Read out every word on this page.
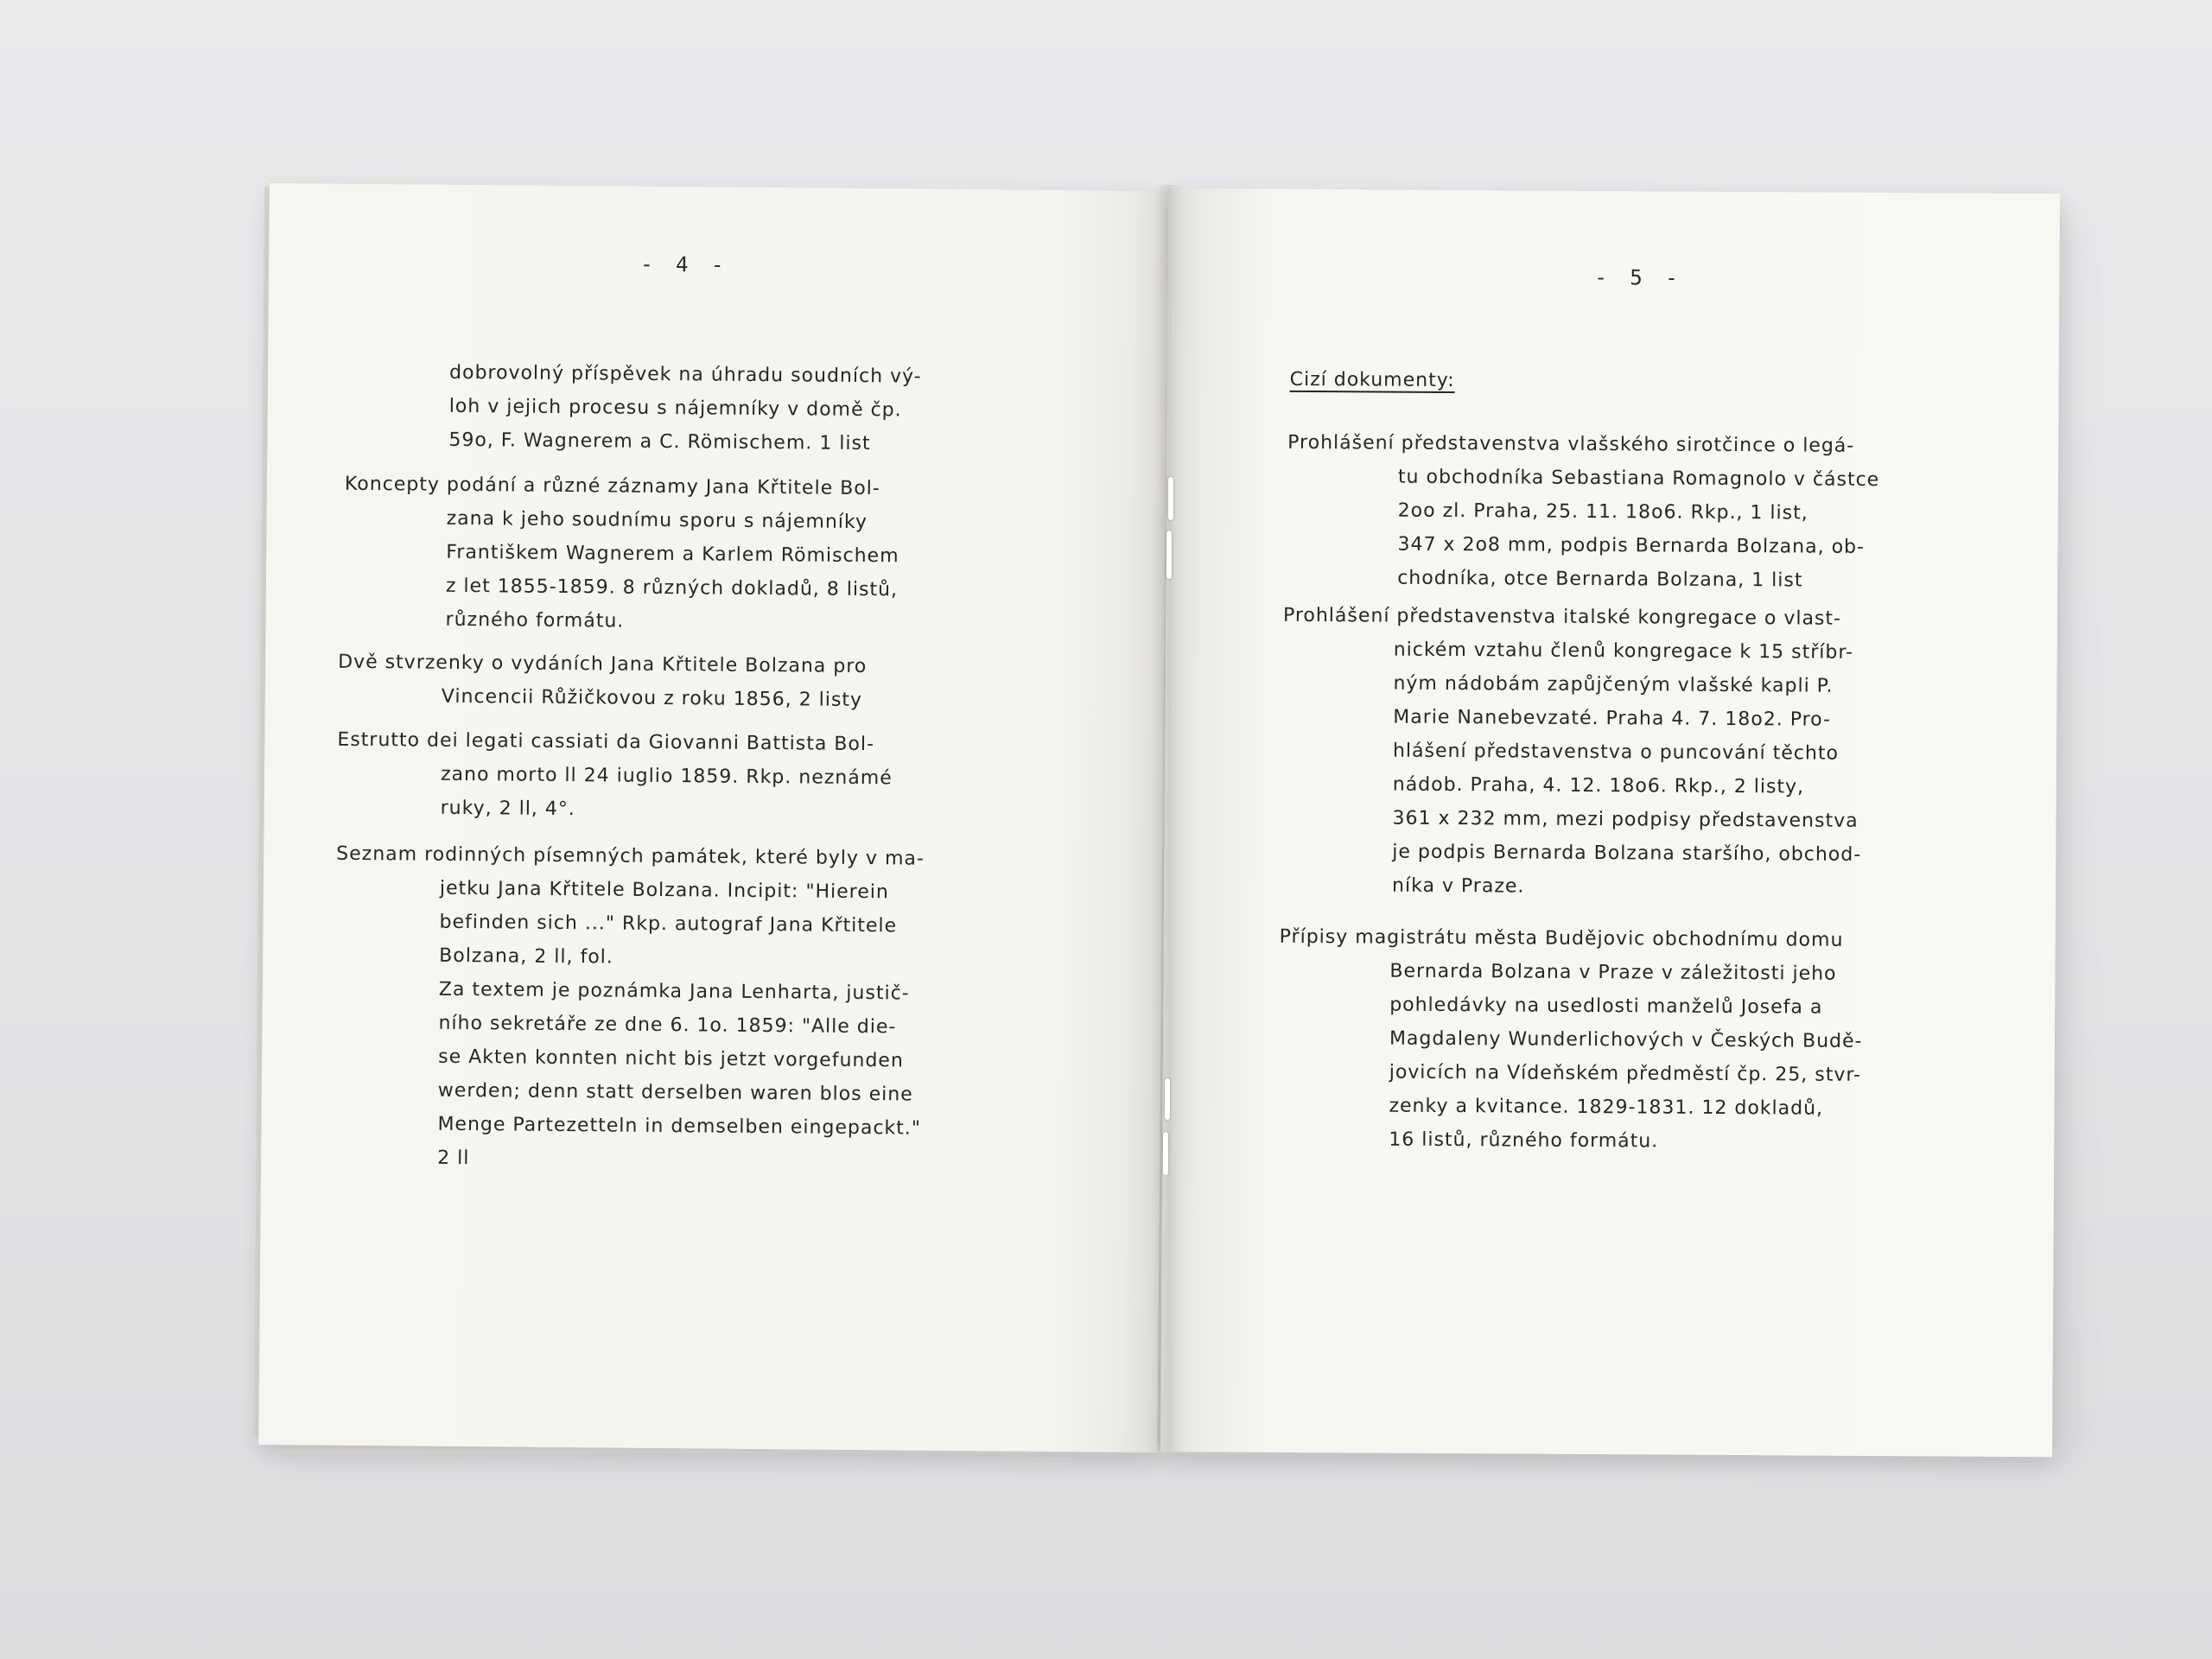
- 4 -
dobrovolný příspěvek na úhradu soudních vý-
loh v jejich procesu s nájemníky v domě čp.
59o, F. Wagnerem a C. Römischem. 1 list
Koncepty podání a různé záznamy Jana Křtitele Bol-
zana k jeho soudnímu sporu s nájemníky
Františkem Wagnerem a Karlem Römischem
z let 1855-1859. 8 různých dokladů, 8 listů,
různého formátu.
Dvě stvrzenky o vydáních Jana Křtitele Bolzana pro
Vincencii Růžičkovou z roku 1856, 2 listy
Estrutto dei legati cassiati da Giovanni Battista Bol-
zano morto ll 24 iuglio 1859. Rkp. neznámé
ruky, 2 ll, 4°.
Seznam rodinných písemných památek, které byly v ma-
jetku Jana Křtitele Bolzana. Incipit: "Hierein
befinden sich ..." Rkp. autograf Jana Křtitele
Bolzana, 2 ll, fol.
Za textem je poznámka Jana Lenharta, justič-
ního sekretáře ze dne 6. 1o. 1859: "Alle die-
se Akten konnten nicht bis jetzt vorgefunden
werden; denn statt derselben waren blos eine
Menge Partezetteln in demselben eingepackt."
2 ll
- 5 -
Cizí dokumenty:
Prohlášení představenstva vlašského sirotčince o legá-
tu obchodníka Sebastiana Romagnolo v částce
2oo zl. Praha, 25. 11. 18o6. Rkp., 1 list,
347 x 2o8 mm, podpis Bernarda Bolzana, ob-
chodníka, otce Bernarda Bolzana, 1 list
Prohlášení představenstva italské kongregace o vlast-
nickém vztahu členů kongregace k 15 stříbr-
ným nádobám zapůjčeným vlašské kapli P.
Marie Nanebevzaté. Praha 4. 7. 18o2. Pro-
hlášení představenstva o puncování těchto
nádob. Praha, 4. 12. 18o6. Rkp., 2 listy,
361 x 232 mm, mezi podpisy představenstva
je podpis Bernarda Bolzana staršího, obchod-
níka v Praze.
Přípisy magistrátu města Budějovic obchodnímu domu
Bernarda Bolzana v Praze v záležitosti jeho
pohledávky na usedlosti manželů Josefa a
Magdaleny Wunderlichových v Českých Budě-
jovicích na Vídeňském předměstí čp. 25, stvr-
zenky a kvitance. 1829-1831. 12 dokladů,
16 listů, různého formátu.
